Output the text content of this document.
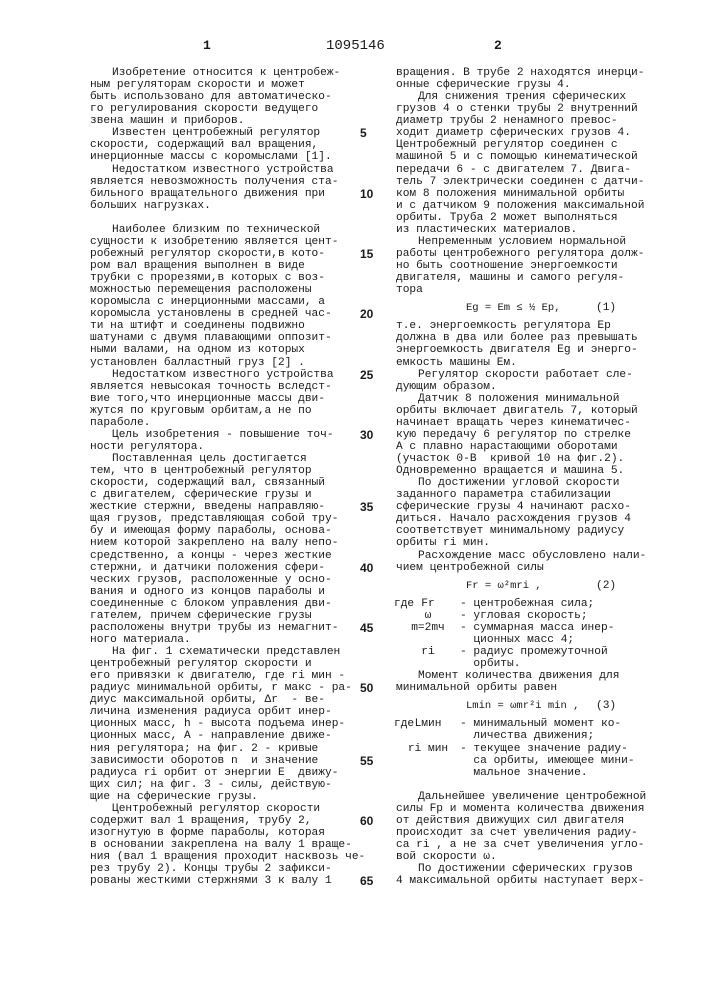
1	1095146	2
Изобретение относится к центробеж-
ным регуляторам скорости и может
быть использовано для автоматическо-
го регулирования скорости ведущего
звена машин и приборов.
Известен центробежный регулятор	5
скорости, содержащий вал вращения,
инерционные массы с коромыслами [1].
Недостатком известного устройства
является невозможность получения ста-
бильного вращательного движения при	10
больших нагрузках.
Наиболее близким по технической
сущности к изобретению является цент-
робежный регулятор скорости,в кото-	15
ром вал вращения выполнен в виде
трубки с прорезями,в которых с воз-
можностью перемещения расположены
коромысла с инерционными массами, а
коромысла установлены в средней час- 20
ти на штифт и соединены подвижно
шатунами с двумя плавающими оппозит-
ными валами, на одном из которых
установлен балластный груз [2] .
Недостатком известного устройства 25
является невысокая точность вследст-
вие того,что инерционные массы дви-
жутся по круговым орбитам,а не по
параболе.
Цель изобретения - повышение точ- 30
ности регулятора.
Поставленная цель достигается
тем, что в центробежный регулятор
скорости, содержащий вал, связанный
с двигателем, сферические грузы и
жесткие стержни, введены направляю-	35
щая грузов, представляющая собой тру-
бу и имеющая форму параболы, основа-
нием которой закреплено на валу непо-
средственно, а концы - через жесткие
стержни, и датчики положения сфери-	40
ческих грузов, расположенные у осно-
вания и одного из концов параболы и
соединенные с блоком управления дви-
гателем, причем сферические грузы
расположены внутри трубы из немагнит- 45
ного материала.
На фиг. 1 схематически представлен
центробежный регулятор скорости и
его привязки к двигателю, где ri мин -
радиус минимальной орбиты, r макс - ра- 50
диус максимальной орбиты, Δr  - ве-
личина изменения радиуса орбит инер-
ционных масс, h - высота подъема инер-
ционных масс, A - направление движе-
ния регулятора; на фиг. 2 - кривые
зависимости оборотов n  и значение	55
радиуса ri орбит от энергии E  движу-
щих сил; на фиг. 3 - силы, действую-
щие на сферические грузы.
Центробежный регулятор скорости
содержит вал 1 вращения, трубу 2,	60
изогнутую в форме параболы, которая
в основании закреплена на валу 1 враще-
ния (вал 1 вращения проходит насквозь че-
рез трубу 2). Концы трубы 2 зафикси-
рованы жесткими стержнями 3 к валу 1 65
вращения. В трубе 2 находятся инерци-
онные сферические грузы 4.
Для снижения трения сферических
грузов 4 о стенки трубы 2 внутренний
диаметр трубы 2 ненамного превос-
ходит диаметр сферических грузов 4.
Центробежный регулятор соединен с
машиной 5 и с помощью кинематической
передачи 6 - с двигателем 7. Двига-
тель 7 электрически соединен с датчи-
ком 8 положения минимальной орбиты
и с датчиком 9 положения максимальной
орбиты. Труба 2 может выполняться
из пластических материалов.
Непременным условием нормальной
работы центробежного регулятора долж-
но быть соотношение энергоемкости
двигателя, машины и самого регуля-
тора
Eg = Em ≤ ½ Ep,	(1)
т.е. энергоемкость регулятора Ep
должна в два или более раз превышать
энергоемкость двигателя Eg и энерго-
емкость машины Eм.
Регулятор скорости работает сле-
дующим образом.
Датчик 8 положения минимальной
орбиты включает двигатель 7, который
начинает вращать через кинематичес-
кую передачу 6 регулятор по стрелке
A с плавно нарастающими оборотами
(участок 0-B  кривой 10 на фиг.2).
Одновременно вращается и машина 5.
По достижении угловой скорости
заданного параметра стабилизации
сферические грузы 4 начинают расхо-
диться. Начало расхождения грузов 4
соответствует минимальному радиусу
орбиты ri мин.
Расхождение масс обусловлено нали-
чием центробежной силы
Fr = ω²mri ,	(2)
где Fr - центробежная сила;
ω	- угловая скорость;
m=2mч - суммарная масса инер-
ционных масс 4;
ri - радиус промежуточной
орбиты.
Момент количества движения для
минимальной орбиты равен
Lmin = ωmr²i min , (3)
где Lмин - минимальный момент ко-
личества движения;
ri мин - текущее значение радиу-
са орбиты, имеющее мини-
мальное значение.
Дальнейшее увеличение центробежной
силы Fр и момента количества движения
от действия движущих сил двигателя
происходит за счет увеличения радиу-
са ri , а не за счет увеличения угло-
вой скорости ω.
По достижении сферических грузов
4 максимальной орбиты наступает верх-
